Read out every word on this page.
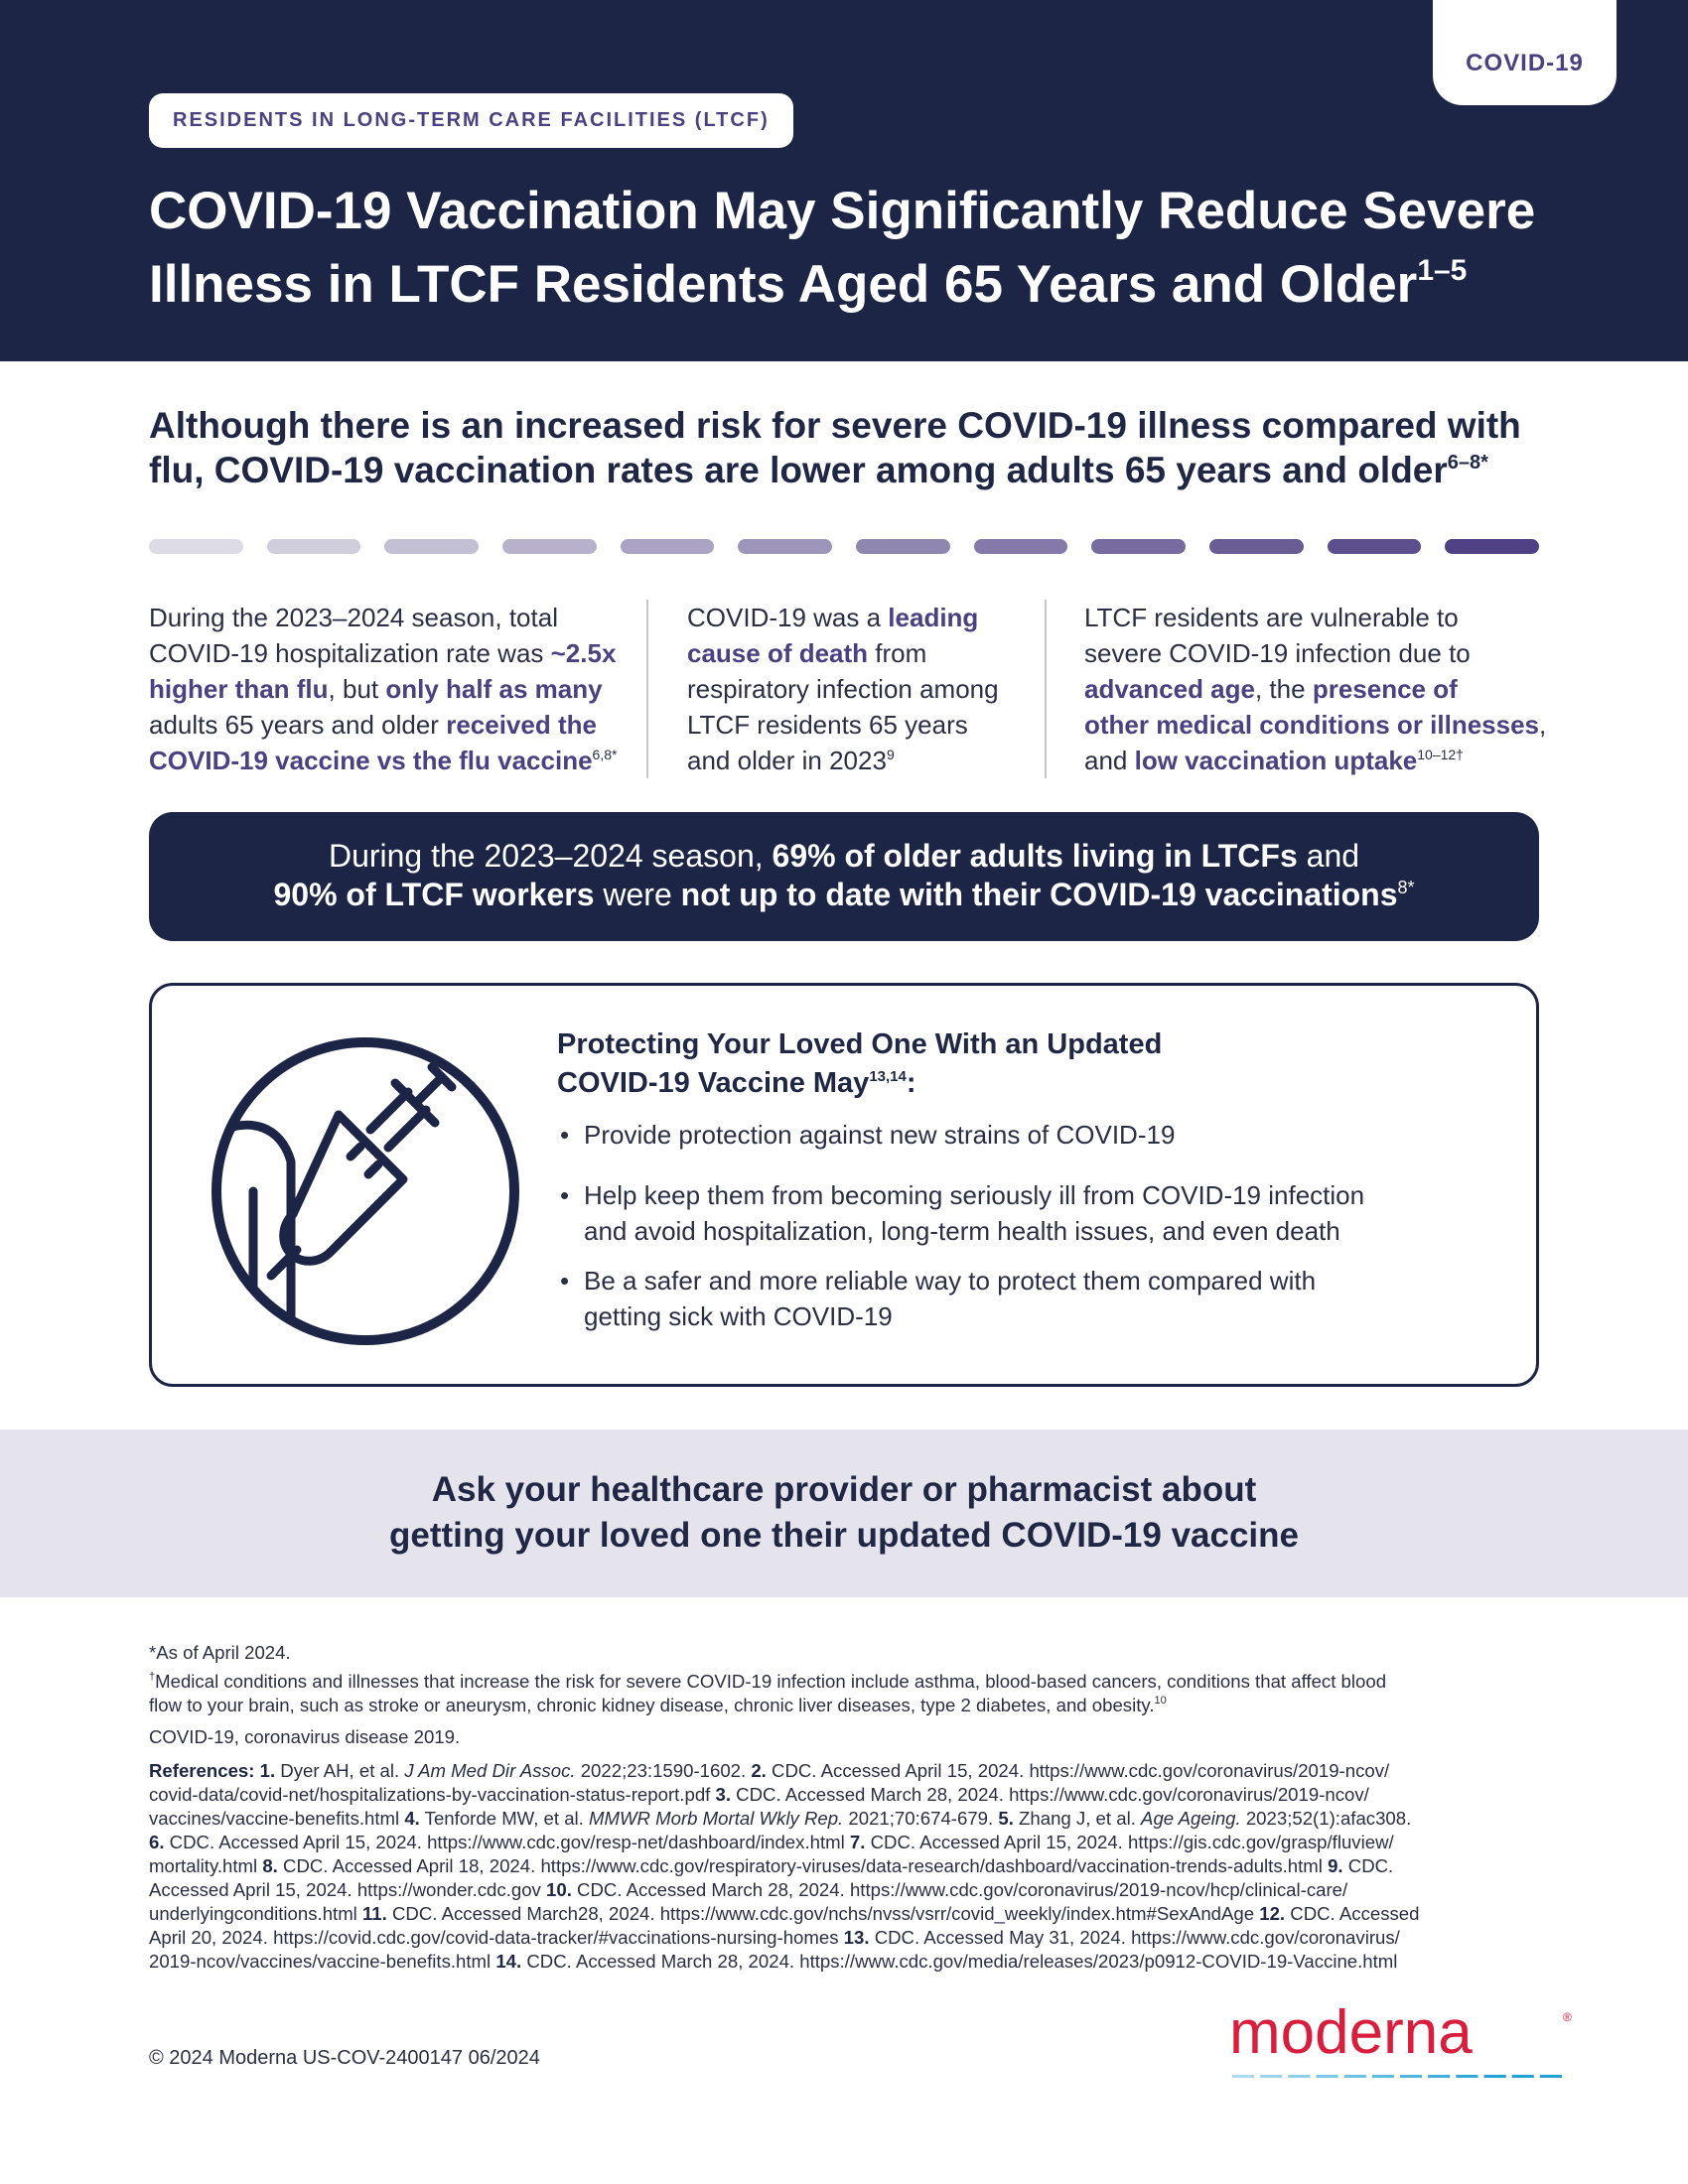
COVID-19
RESIDENTS IN LONG-TERM CARE FACILITIES (LTCF)
COVID-19 Vaccination May Significantly Reduce Severe
Illness in LTCF Residents Aged 65 Years and Older$^{1-5}$
Although there is an increased risk for severe COVID-19 illness compared with
flu, COVID-19 vaccination rates are lower among adults 65 years and older$^{6-8*}$
During the 2023–2024 season, total
COVID-19 hospitalization rate was ~2.5x
higher than flu, but only half as many
adults 65 years and older received the
COVID-19 vaccine vs the flu vaccine$^{6,8*}$
COVID-19 was a leading
cause of death from
respiratory infection among
LTCF residents 65 years
and older in 2023$^9$
LTCF residents are vulnerable to
severe COVID-19 infection due to
advanced age, the presence of
other medical conditions or illnesses,
and low vaccination uptake$^{10-12\dagger}$
During the 2023–2024 season, 69% of older adults living in LTCFs and
90% of LTCF workers were not up to date with their COVID-19 vaccinations$^{8*}$
Protecting Your Loved One With an Updated
COVID-19 Vaccine May$^{13,14}$:
• Provide protection against new strains of COVID-19
• Help keep them from becoming seriously ill from COVID-19 infection
and avoid hospitalization, long-term health issues, and even death
• Be a safer and more reliable way to protect them compared with
getting sick with COVID-19
Ask your healthcare provider or pharmacist about
getting your loved one their updated COVID-19 vaccine
*As of April 2024.
†Medical conditions and illnesses that increase the risk for severe COVID-19 infection include asthma, blood-based cancers, conditions that affect blood
flow to your brain, such as stroke or aneurysm, chronic kidney disease, chronic liver diseases, type 2 diabetes, and obesity.$^{10}$
COVID-19, coronavirus disease 2019.
References: 1. Dyer AH, et al. J Am Med Dir Assoc. 2022;23:1590-1602. 2. CDC. Accessed April 15, 2024. https://www.cdc.gov/coronavirus/2019-ncov/
covid-data/covid-net/hospitalizations-by-vaccination-status-report.pdf 3. CDC. Accessed March 28, 2024. https://www.cdc.gov/coronavirus/2019-ncov/
vaccines/vaccine-benefits.html 4. Tenforde MW, et al. MMWR Morb Mortal Wkly Rep. 2021;70:674-679. 5. Zhang J, et al. Age Ageing. 2023;52(1):afac308.
6. CDC. Accessed April 15, 2024. https://www.cdc.gov/resp-net/dashboard/index.html 7. CDC. Accessed April 15, 2024. https://gis.cdc.gov/grasp/fluview/
mortality.html 8. CDC. Accessed April 18, 2024. https://www.cdc.gov/respiratory-viruses/data-research/dashboard/vaccination-trends-adults.html 9. CDC.
Accessed April 15, 2024. https://wonder.cdc.gov 10. CDC. Accessed March 28, 2024. https://www.cdc.gov/coronavirus/2019-ncov/hcp/clinical-care/
underlyingconditions.html 11. CDC. Accessed March28, 2024. https://www.cdc.gov/nchs/nvss/vsrr/covid_weekly/index.htm#SexAndAge 12. CDC. Accessed
April 20, 2024. https://covid.cdc.gov/covid-data-tracker/#vaccinations-nursing-homes 13. CDC. Accessed May 31, 2024. https://www.cdc.gov/coronavirus/
2019-ncov/vaccines/vaccine-benefits.html 14. CDC. Accessed March 28, 2024. https://www.cdc.gov/media/releases/2023/p0912-COVID-19-Vaccine.html
© 2024 Moderna US-COV-2400147 06/2024	moderna	®
